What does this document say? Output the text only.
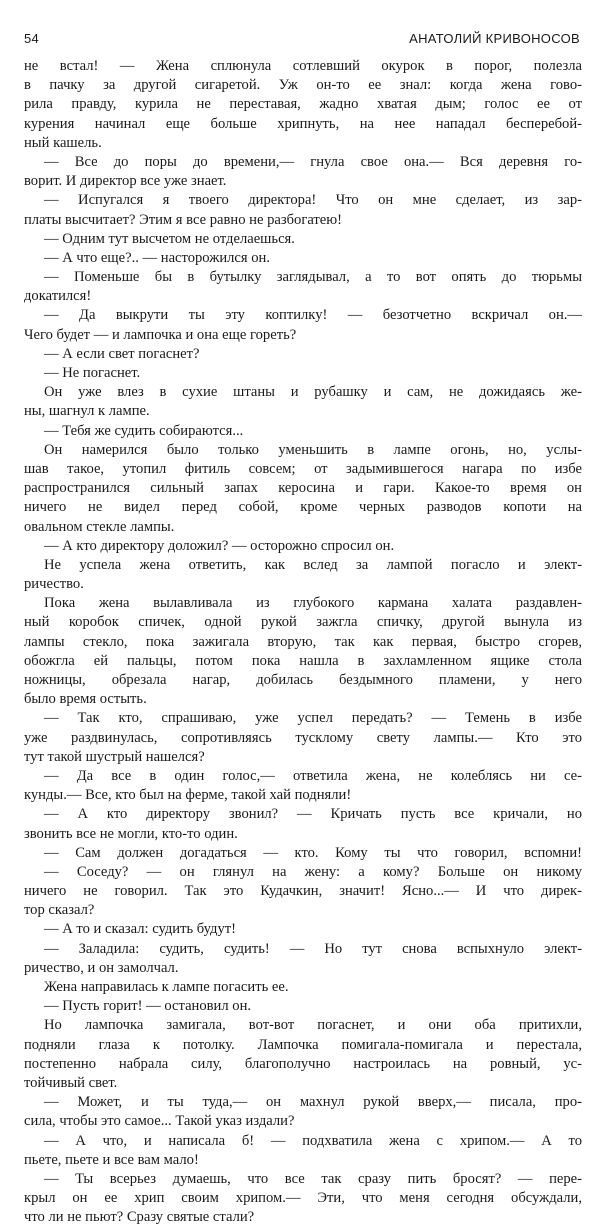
54	АНАТОЛИЙ КРИВОНОСОВ
не встал! — Жена сплюнула сотлевший окурок в порог, полезла
в пачку за другой сигаретой. Уж он-то ее знал: когда жена гово-
рила правду, курила не переставая, жадно хватая дым; голос ее от
курения начинал еще больше хрипнуть, на нее нападал бесперебой-
ный кашель.
— Все до поры до времени,— гнула свое она.— Вся деревня го-
ворит. И директор все уже знает.
— Испугался я твоего директора! Что он мне сделает, из зар-
платы высчитает? Этим я все равно не разбогатею!
— Одним тут высчетом не отделаешься.
— А что еще?.. — насторожился он.
— Поменьше бы в бутылку заглядывал, а то вот опять до тюрьмы
докатился!
— Да выкрути ты эту коптилку! — безотчетно вскричал он.—
Чего будет — и лампочка и она еще гореть?
— А если свет погаснет?
— Не погаснет.
Он уже влез в сухие штаны и рубашку и сам, не дожидаясь же-
ны, шагнул к лампе.
— Тебя же судить собираются...
Он намерился было только уменьшить в лампе огонь, но, услы-
шав такое, утопил фитиль совсем; от задымившегося нагара по избе
распространился сильный запах керосина и гари. Какое-то время он
ничего не видел перед собой, кроме черных разводов копоти на
овальном стекле лампы.
— А кто директору доложил? — осторожно спросил он.
Не успела жена ответить, как вслед за лампой погасло и элект-
ричество.
Пока жена вылавливала из глубокого кармана халата раздавлен-
ный коробок спичек, одной рукой зажгла спичку, другой вынула из
лампы стекло, пока зажигала вторую, так как первая, быстро сгорев,
обожгла ей пальцы, потом пока нашла в захламленном ящике стола
ножницы, обрезала нагар, добилась бездымного пламени, у него
было время остыть.
— Так кто, спрашиваю, уже успел передать? — Темень в избе
уже раздвинулась, сопротивляясь тусклому свету лампы.— Кто это
тут такой шустрый нашелся?
— Да все в один голос,— ответила жена, не колеблясь ни се-
кунды.— Все, кто был на ферме, такой хай подняли!
— А кто директору звонил? — Кричать пусть все кричали, но
звонить все не могли, кто-то один.
— Сам должен догадаться — кто. Кому ты что говорил, вспомни!
— Соседу? — он глянул на жену: а кому? Больше он никому
ничего не говорил. Так это Кудачкин, значит! Ясно...— И что дирек-
тор сказал?
— А то и сказал: судить будут!
— Заладила: судить, судить! — Но тут снова вспыхнуло элект-
ричество, и он замолчал.
Жена направилась к лампе погасить ее.
— Пусть горит! — остановил он.
Но лампочка замигала, вот-вот погаснет, и они оба притихли,
подняли глаза к потолку. Лампочка помигала-помигала и перестала,
постепенно набрала силу, благополучно настроилась на ровный, ус-
тойчивый свет.
— Может, и ты туда,— он махнул рукой вверх,— писала, про-
сила, чтобы это самое... Такой указ издали?
— А что, и написала б! — подхватила жена с хрипом.— А то
пьете, пьете и все вам мало!
— Ты всерьез думаешь, что все так сразу пить бросят? — пере-
крыл он ее хрип своим хрипом.— Эти, что меня сегодня обсуждали,
что ли не пьют? Сразу святые стали?
